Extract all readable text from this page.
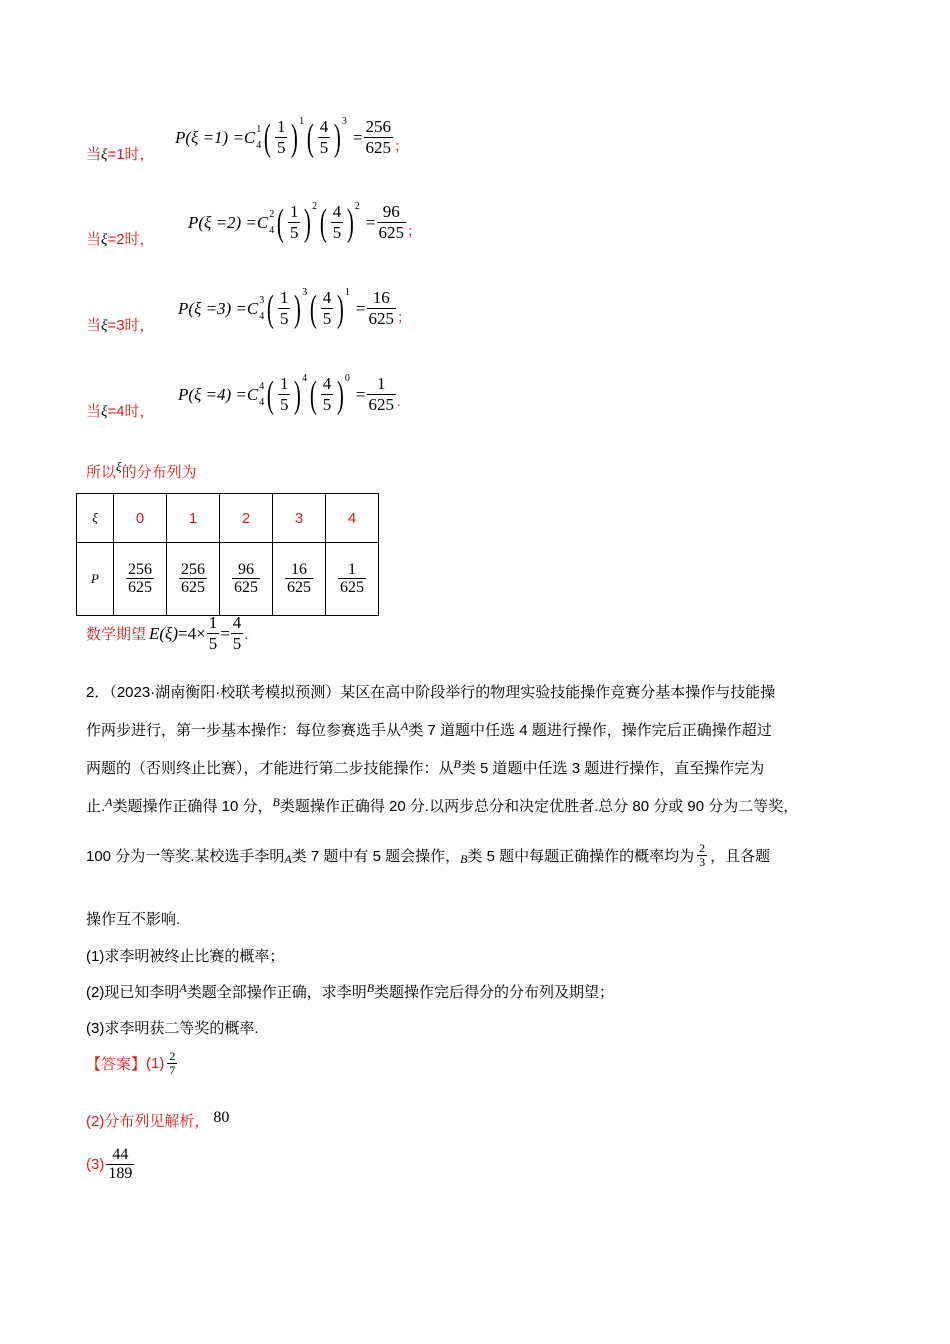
当ξ=1时，
P(ξ =1) =C 1
4 ( $\frac{1}{5}$ ) 1 ( $\frac{4}{5}$ ) 3
= $\frac{256}{625}$ ；
当ξ=2时，
P(ξ =2) =C 2
4 ( $\frac{1}{5}$ ) 2 ( $\frac{4}{5}$ ) 2
= $\frac{96}{625}$ ；
当ξ=3时，
P(ξ =3) =C 3
4 ( $\frac{1}{5}$ ) 3 ( $\frac{4}{5}$ ) 1
= $\frac{16}{625}$ ；
当ξ=4时，
P(ξ =4) =C 4
4 ( $\frac{1}{5}$ ) 4 ( $\frac{4}{5}$ ) 0
= $\frac{1}{625}$ .
所以ξ的分布列为
ξ	0	1	2	3	4
P	$\frac{256}{625}$	$\frac{256}{625}$	$\frac{96}{625}$	$\frac{16}{625}$	$\frac{1}{625}$
数学期望 $E(\xi) =4\times \frac{1}{5} = \frac{4}{5}$ .
2．（2023·湖南衡阳·校联考模拟预测）某区在高中阶段举行的物理实验技能操作竞赛分基本操作与技能操
作两步进行，第一步基本操作：每位参赛选手从$^A$类 7 道题中任选 4 题进行操作，操作完后正确操作超过
两题的（否则终止比赛），才能进行第二步技能操作：从$^B$类 5 道题中任选 3 题进行操作，直至操作完为
止.$^A$类题操作正确得 10 分，$^B$类题操作正确得 20 分.以两步总分和决定优胜者.总分 80 分或 90 分为二等奖，
100 分为一等奖.某校选手李明 A 类 7 题中有 5 题会操作， B 类 5 题中每题正确操作的概率均为 $\frac{2}{3}$ ，且各题
操作互不影响.
(1)求李明被终止比赛的概率；
(2)现已知李明$^A$类题全部操作正确，求李明$^B$类题操作完后得分的分布列及期望；
(3)求李明获二等奖的概率.
【答案】 $(1) \frac{2}{7}$
(2)分布列见解析， 80
$(3) \frac{44}{189}$
